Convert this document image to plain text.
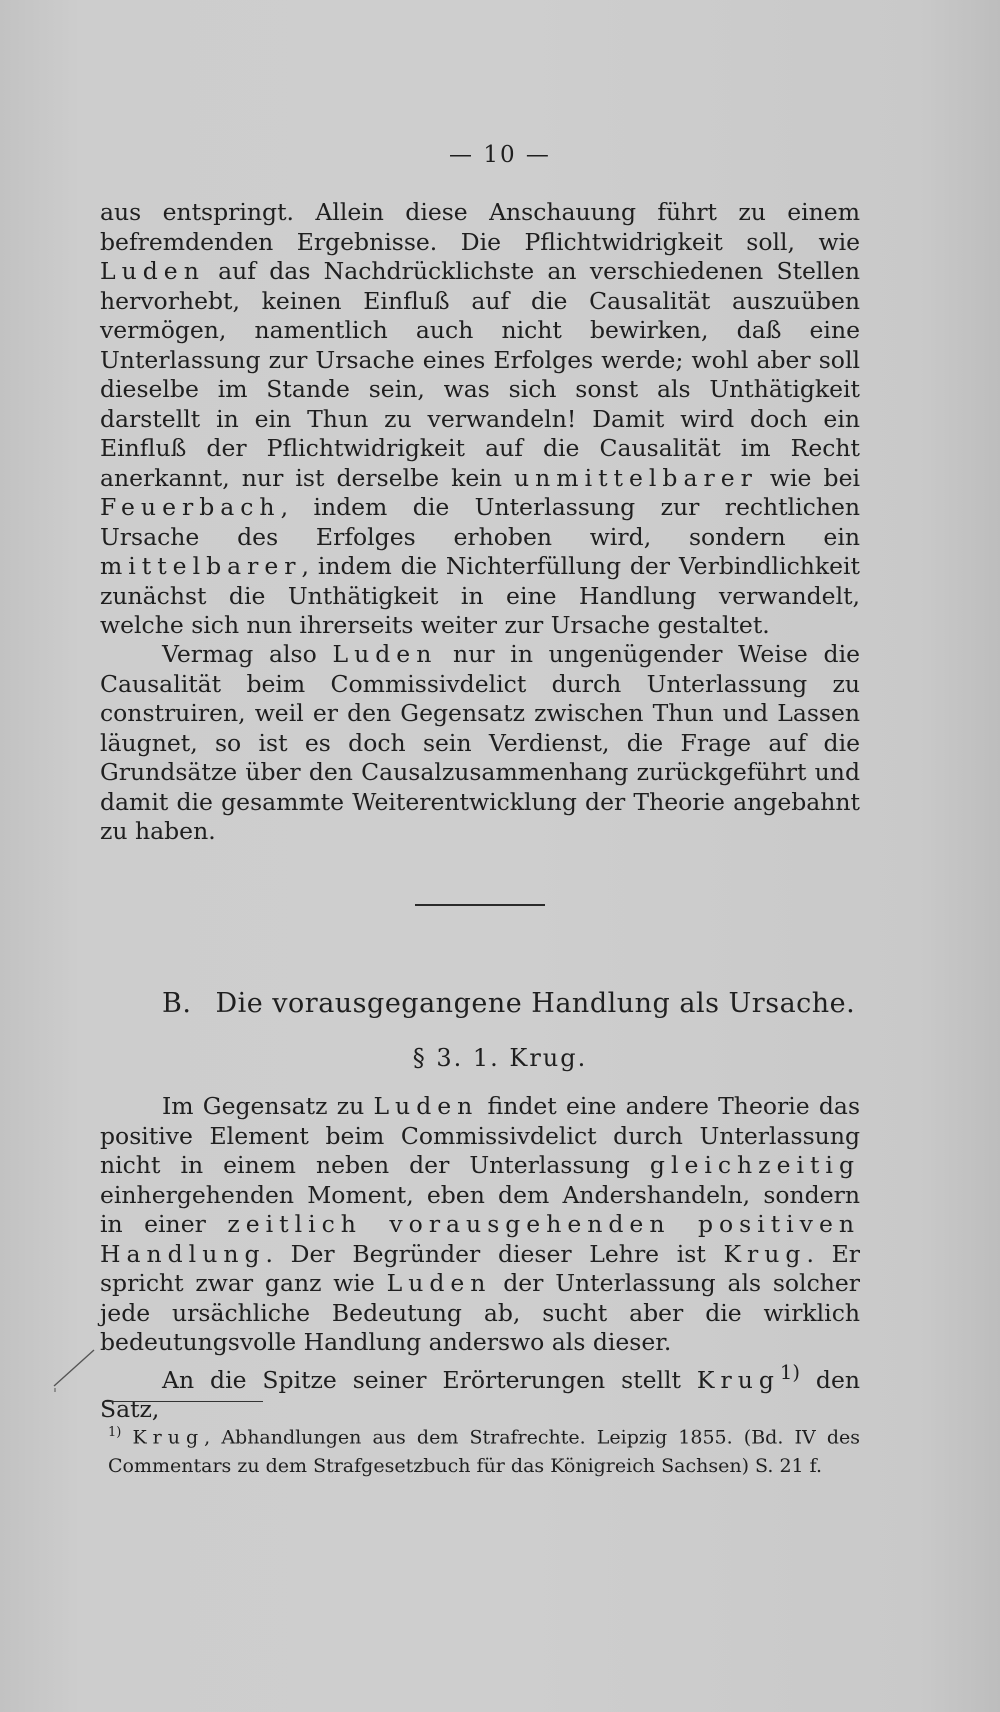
— 10 —

aus entspringt. Allein diese Anschauung führt zu einem befremdenden Ergebnisse. Die Pflichtwidrigkeit soll, wie Luden auf das Nachdrücklichste an verschiedenen Stellen hervorhebt, keinen Einfluß auf die Causalität auszuüben vermögen, namentlich auch nicht bewirken, daß eine Unterlassung zur Ursache eines Erfolges werde; wohl aber soll dieselbe im Stande sein, was sich sonst als Unthätigkeit darstellt in ein Thun zu verwandeln! Damit wird doch ein Einfluß der Pflichtwidrigkeit auf die Causalität im Recht anerkannt, nur ist derselbe kein unmittelbarer wie bei Feuerbach, indem die Unterlassung zur rechtlichen Ursache des Erfolges erhoben wird, sondern ein mittelbarer, indem die Nichterfüllung der Verbindlichkeit zunächst die Unthätigkeit in eine Handlung verwandelt, welche sich nun ihrerseits weiter zur Ursache gestaltet.

Vermag also Luden nur in ungenügender Weise die Causalität beim Commissivdelict durch Unterlassung zu construiren, weil er den Gegensatz zwischen Thun und Lassen läugnet, so ist es doch sein Verdienst, die Frage auf die Grundsätze über den Causalzusammenhang zurückgeführt und damit die gesammte Weiterentwicklung der Theorie angebahnt zu haben.

B. Die vorausgegangene Handlung als Ursache.
§ 3. 1. Krug.

Im Gegensatz zu Luden findet eine andere Theorie das positive Element beim Commissivdelict durch Unterlassung nicht in einem neben der Unterlassung gleichzeitig einhergehenden Moment, eben dem Andershandeln, sondern in einer zeitlich vorausgehenden positiven Handlung. Der Begründer dieser Lehre ist Krug. Er spricht zwar ganz wie Luden der Unterlassung als solcher jede ursächliche Bedeutung ab, sucht aber die wirklich bedeutungsvolle Handlung anderswo als dieser.

An die Spitze seiner Erörterungen stellt Krug$^{1)}$ den Satz,

$^{1)}$ Krug, Abhandlungen aus dem Strafrechte. Leipzig 1855. (Bd. IV des Commentars zu dem Strafgesetzbuch für das Königreich Sachsen) S. 21 f.
